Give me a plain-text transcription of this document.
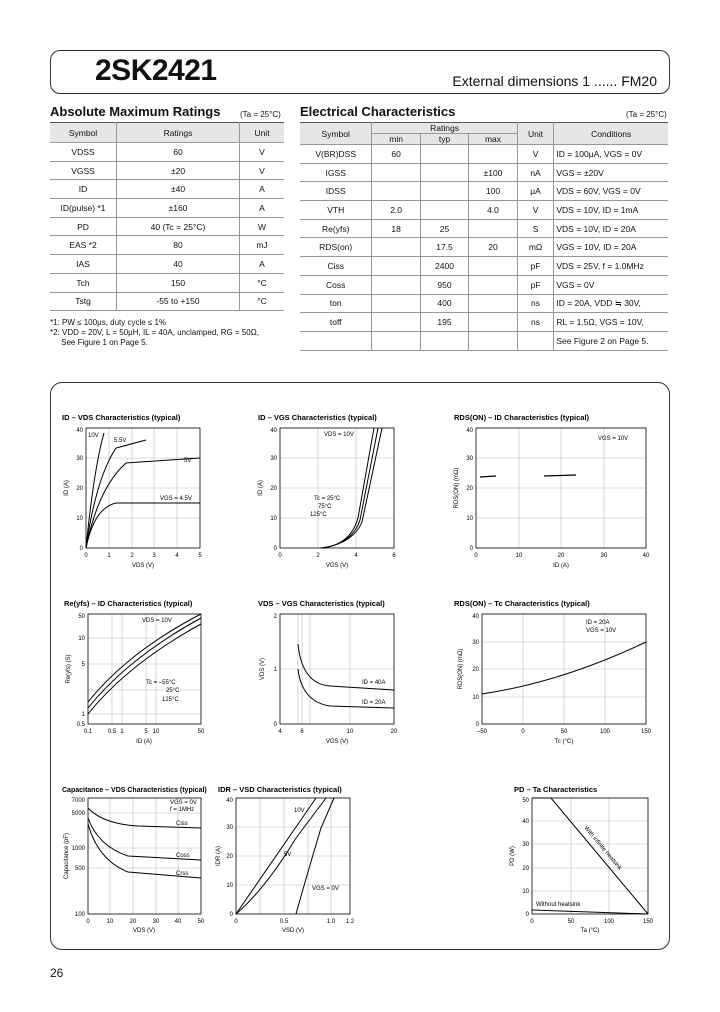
2SK2421	External dimensions 1 ...... FM20
Absolute Maximum Ratings (Ta = 25°C)
Symbol	Ratings	Unit
VDSS	60	V
VGSS	±20	V
ID	±40	A
ID(pulse) *1	±160	A
PD	40 (Tc = 25°C)	W
EAS *2	80	mJ
IAS	40	A
Tch	150	°C
Tstg	-55 to +150	°C
*1: PW ≤ 100μs, duty cycle ≤ 1%
*2: VDD = 20V, L = 50μH, IL = 40A, unclamped, RG = 50Ω,
See Figure 1 on Page 5.
Electrical Characteristics	(Ta = 25°C)
Symbol	Ratings			Unit	Conditions
	min	typ	max		
V(BR)DSS	60			V	ID = 100μA, VGS = 0V
IGSS			±100	nA	VGS = ±20V
IDSS			100	μA	VDS = 60V, VGS = 0V
VTH	2.0		4.0	V	VDS = 10V, ID = 1mA
Re(yfs)	18	25		S	VDS = 10V, ID = 20A
RDS(on)		17.5	20	mΩ	VGS = 10V, ID = 20A
Ciss		2400		pF	VDS = 25V, f = 1.0MHz
Coss		950		pF	VGS = 0V
ton		400		ns	ID = 20A, VDD ≒ 30V,
toff		195		ns	RL = 1.5Ω, VGS = 10V,
					See Figure 2 on Page 5.
ID – VDS Characteristics (typical)
10V
5.5V
5V
VGS = 4.5V
0	1	2	3	4	5
0
10
20
30
40
VDS (V)
ID (A)
ID – VGS Characteristics (typical)
VDS = 10V
Tc = 25°C
75°C
125°C
0	2	4	6
0
10
20
30
40
VGS (V)
ID (A)
RDS(ON) – ID Characteristics (typical)
VGS = 10V
0	10	20	30	40
0
10
20
30
40
ID (A)
RDS(ON) (mΩ)
Re(yfs) – ID Characteristics (typical)
VDS = 10V
Tc = –55°C
25°C
125°C
0.1	0.5 1	5 10	50
0.5
1
5
10
50
ID (A)
Re(yfs) (S)
VDS – VGS Characteristics (typical)
ID = 40A
ID = 20A
4	6	10	20
0
1
2
VGS (V)
VDS (V)
RDS(ON) – Tc Characteristics (typical)
ID = 20A
VGS = 10V
–50	0	50	100	150
0
10
20
30
40
Tc (°C)
RDS(ON) (mΩ)
Capacitance – VDS Characteristics (typical)
VGS = 0V
f = 1MHz
Ciss
Coss
Crss
0	10	20	30	40	50
100
500
1000
5000
7000
VDS (V)
Capacitance (pF)
IDR – VSD Characteristics (typical)
10V
5V
VGS = 0V
0	0.5	1.0 1.2
0
10
20
30
40
VSD (V)
IDR (A)
PD – Ta Characteristics
With infinite heatsink
Without heatsink
0	50	100	150
0
10
20
30
40
50
Ta (°C)
PD (W)
26
